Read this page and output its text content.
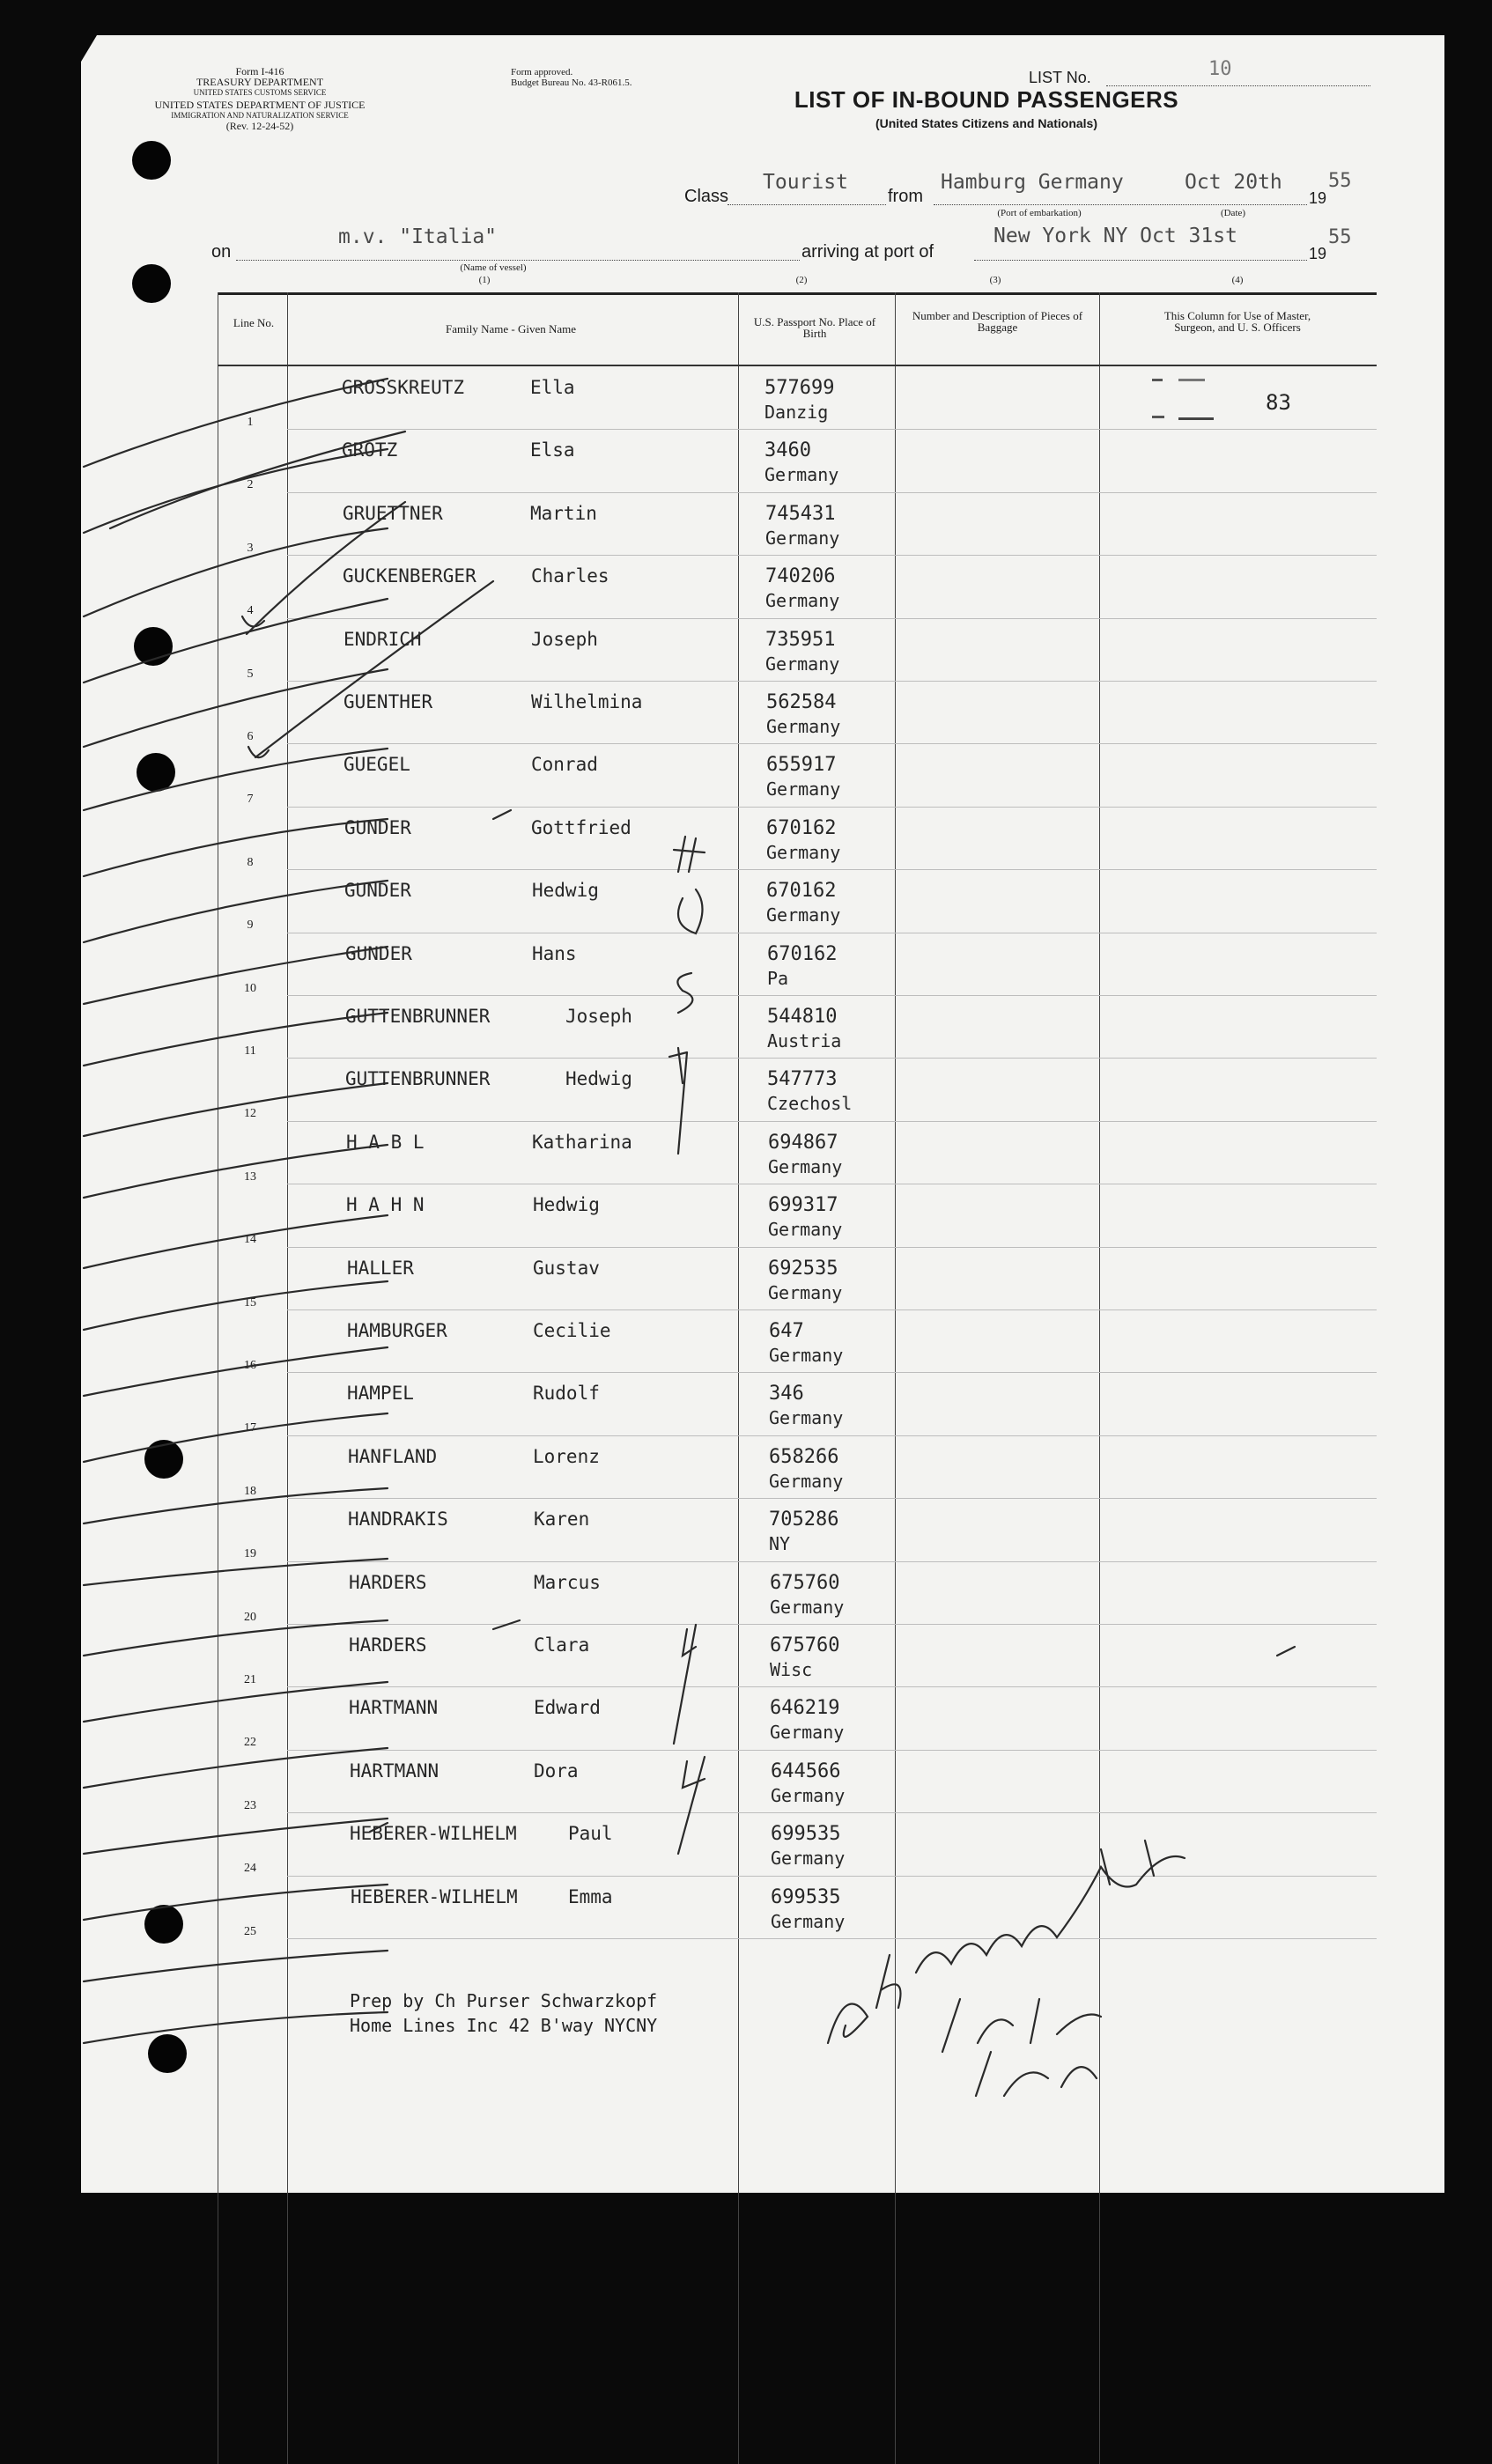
Form I-416
TREASURY DEPARTMENT
UNITED STATES CUSTOMS SERVICE
UNITED STATES DEPARTMENT OF JUSTICE
IMMIGRATION AND NATURALIZATION SERVICE
(Rev. 12-24-52)
Form approved.
Budget Bureau No. 43-R061.5.	LIST No.	10
LIST OF IN-BOUND PASSENGERS
(United States Citizens and Nationals)
Class
Tourist
from
Hamburg Germany	Oct 20th
19
55
(Port of embarkation)	(Date)
on
m.v. "Italia"
arriving at port of
New York NY Oct 31st
19
55
(Name of vessel)
(1)	(2)	(3)	(4)
Line No.	Family Name - Given Name
U.S. Passport No. Place of Birth
Number and Description of Pieces of Baggage
This Column for Use of Master, Surgeon, and U. S. Officers
1
GROSSKREUTZ	Ella	577699
Danzig
2
GROTZ	Elsa	3460
Germany
3
GRUETTNER	Martin	745431
Germany
4
GUCKENBERGER	Charles	740206
Germany
5
ENDRICH	Joseph	735951
Germany
6
GUENTHER	Wilhelmina	562584
Germany
7
GUEGEL	Conrad	655917
Germany
8
GUNDER	Gottfried	670162
Germany
9
GUNDER	Hedwig	670162
Germany
10
GUNDER	Hans	670162
Pa
11
GUTTENBRUNNER	Joseph	544810
Austria
12
GUTTENBRUNNER	Hedwig	547773
Czechosl
13
H A B L	Katharina	694867
Germany
14
H A H N	Hedwig	699317
Germany
15
HALLER	Gustav	692535
Germany
16
HAMBURGER	Cecilie	647
Germany
17
HAMPEL	Rudolf	346
Germany
18
HANFLAND	Lorenz	658266
Germany
19
HANDRAKIS	Karen	705286
NY
20
HARDERS	Marcus	675760
Germany
21
HARDERS	Clara	675760
Wisc
22
HARTMANN	Edward	646219
Germany
23
HARTMANN	Dora	644566
Germany
24
HEBERER-WILHELM	Paul	699535
Germany
25
HEBERER-WILHELM	Emma	699535
Germany
83
Prep by Ch Purser Schwarzkopf
Home Lines Inc 42 B'way NYCNY
